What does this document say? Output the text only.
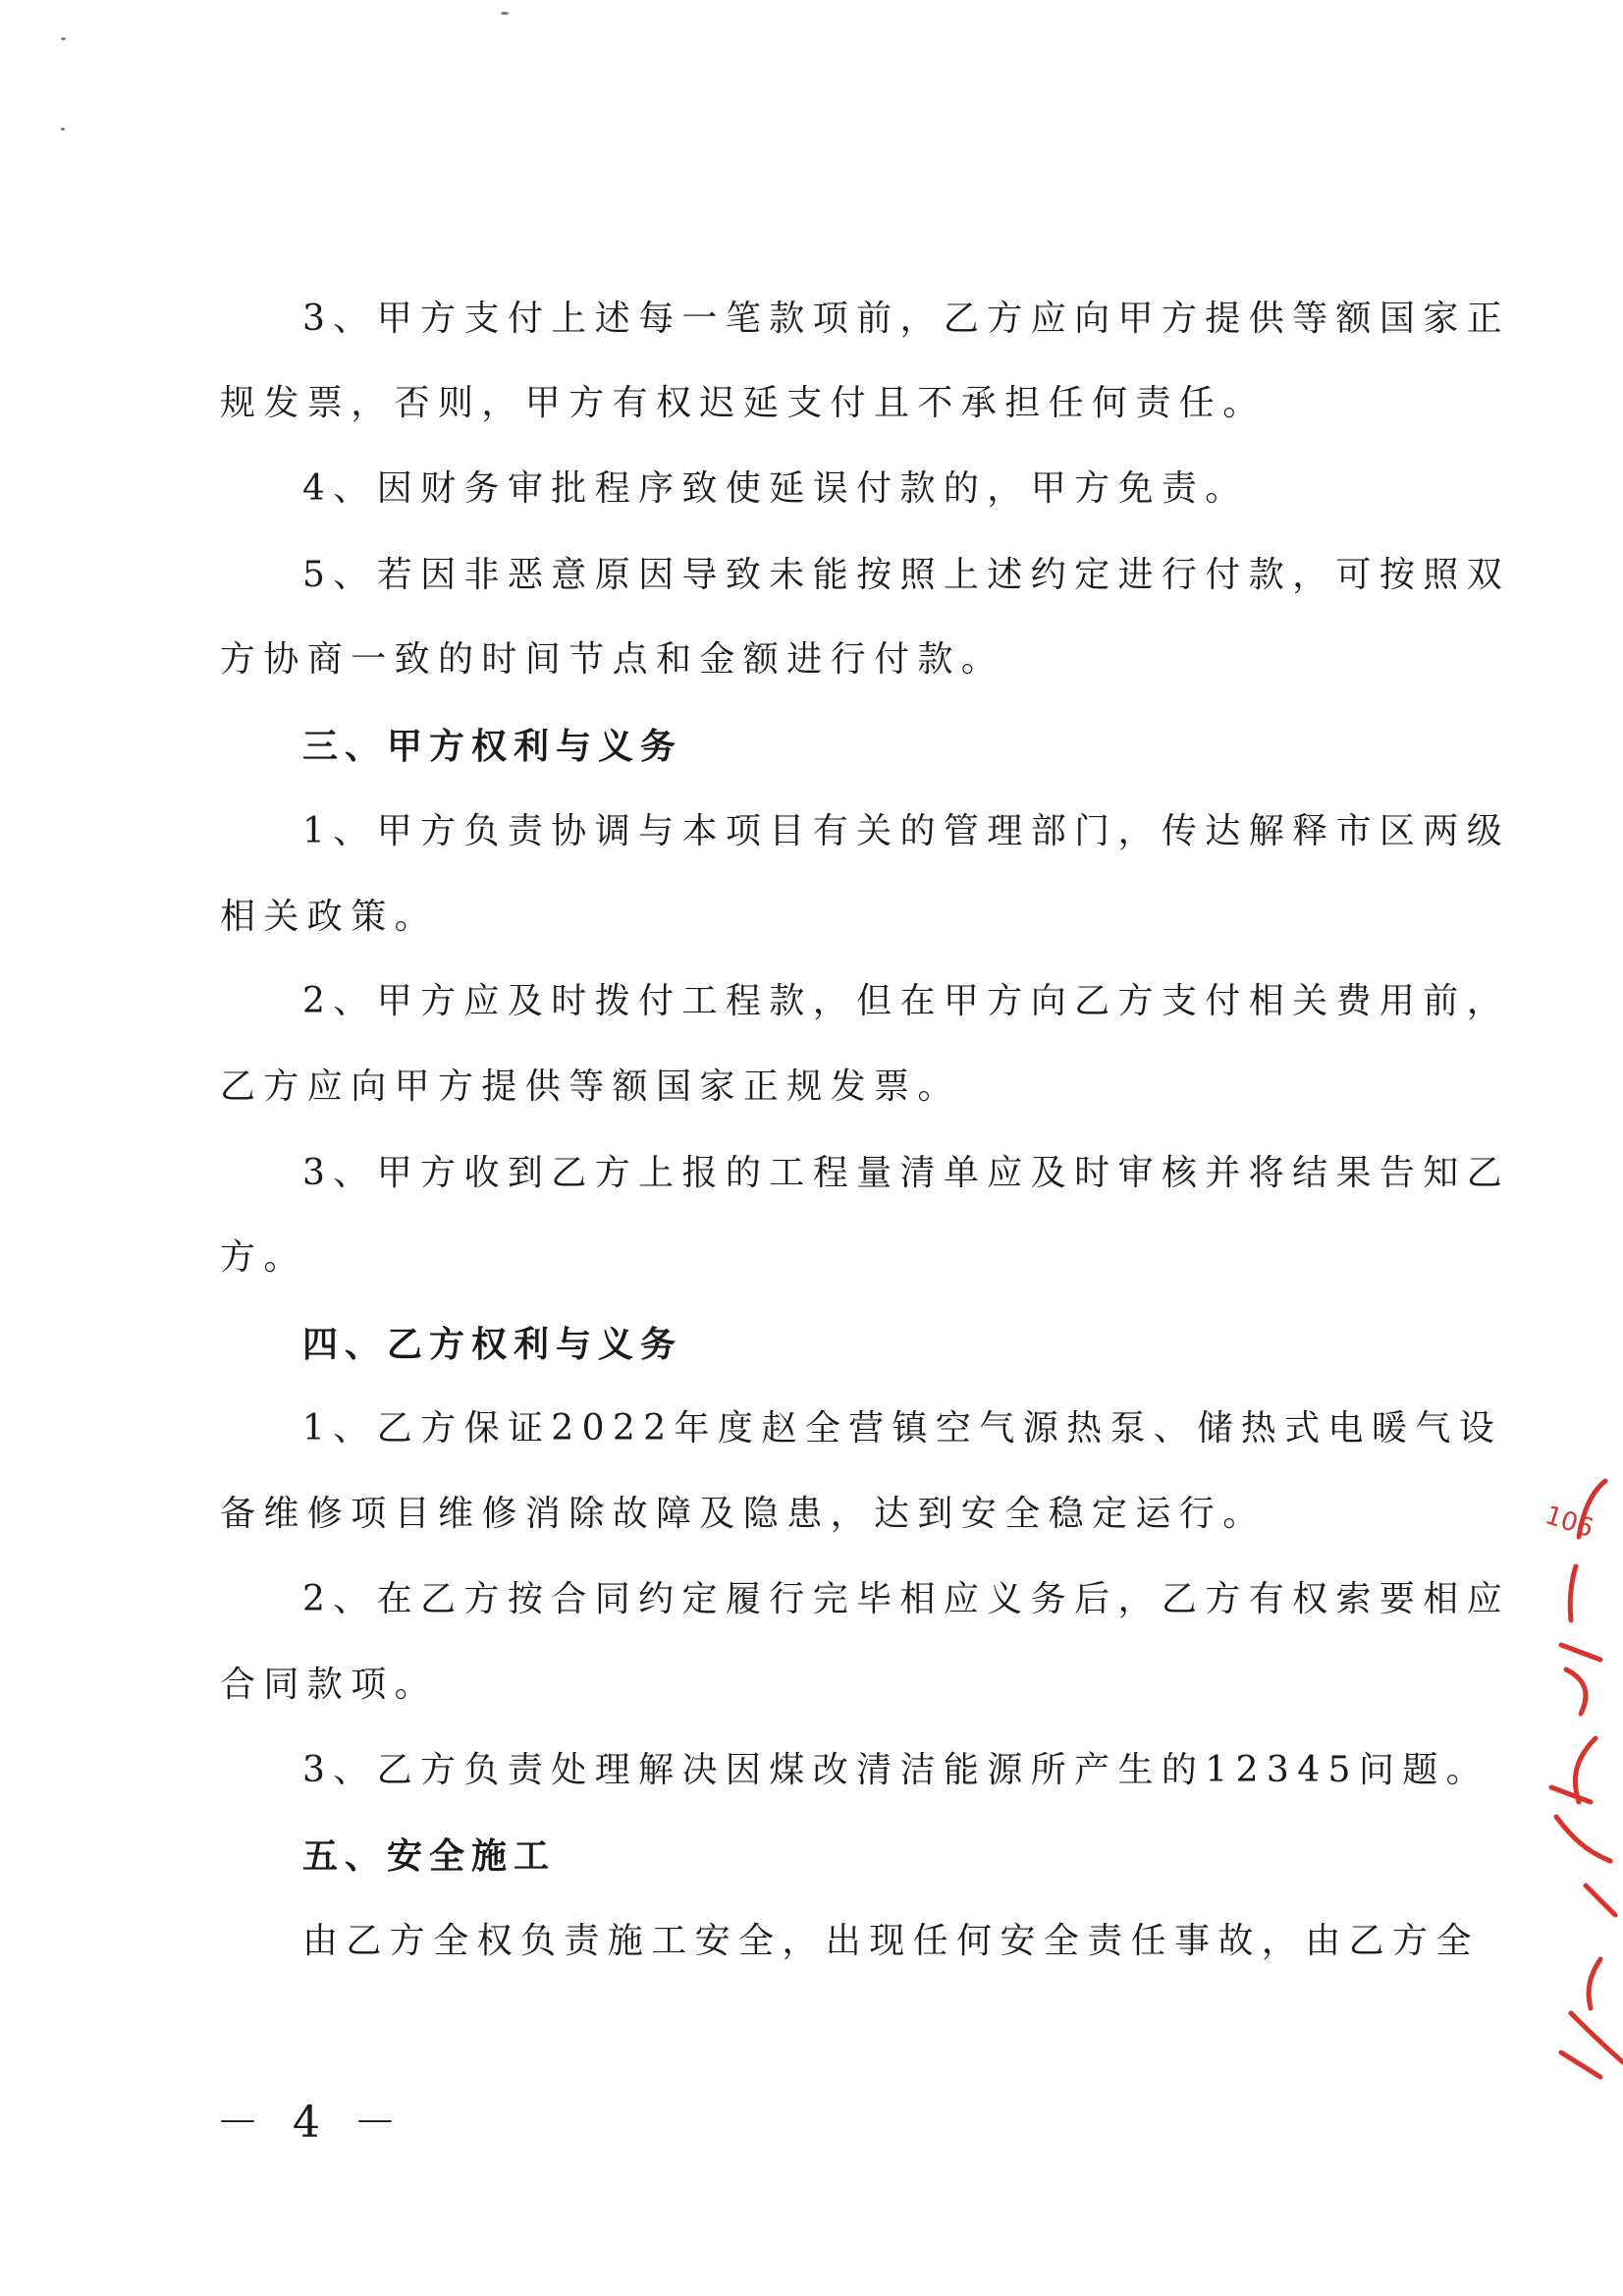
3、甲方支付上述每一笔款项前，乙方应向甲方提供等额国家正
规发票，否则，甲方有权迟延支付且不承担任何责任。
4、因财务审批程序致使延误付款的，甲方免责。
5、若因非恶意原因导致未能按照上述约定进行付款，可按照双
方协商一致的时间节点和金额进行付款。
三、甲方权利与义务
1、甲方负责协调与本项目有关的管理部门，传达解释市区两级
相关政策。
2、甲方应及时拨付工程款，但在甲方向乙方支付相关费用前，
乙方应向甲方提供等额国家正规发票。
3、甲方收到乙方上报的工程量清单应及时审核并将结果告知乙
方。
四、乙方权利与义务
1、乙方保证2022年度赵全营镇空气源热泵、储热式电暖气设
备维修项目维修消除故障及隐患，达到安全稳定运行。
2、在乙方按合同约定履行完毕相应义务后，乙方有权索要相应
合同款项。
3、乙方负责处理解决因煤改清洁能源所产生的12345问题。
五、安全施工
由乙方全权负责施工安全，出现任何安全责任事故，由乙方全
－ 4 －
106
